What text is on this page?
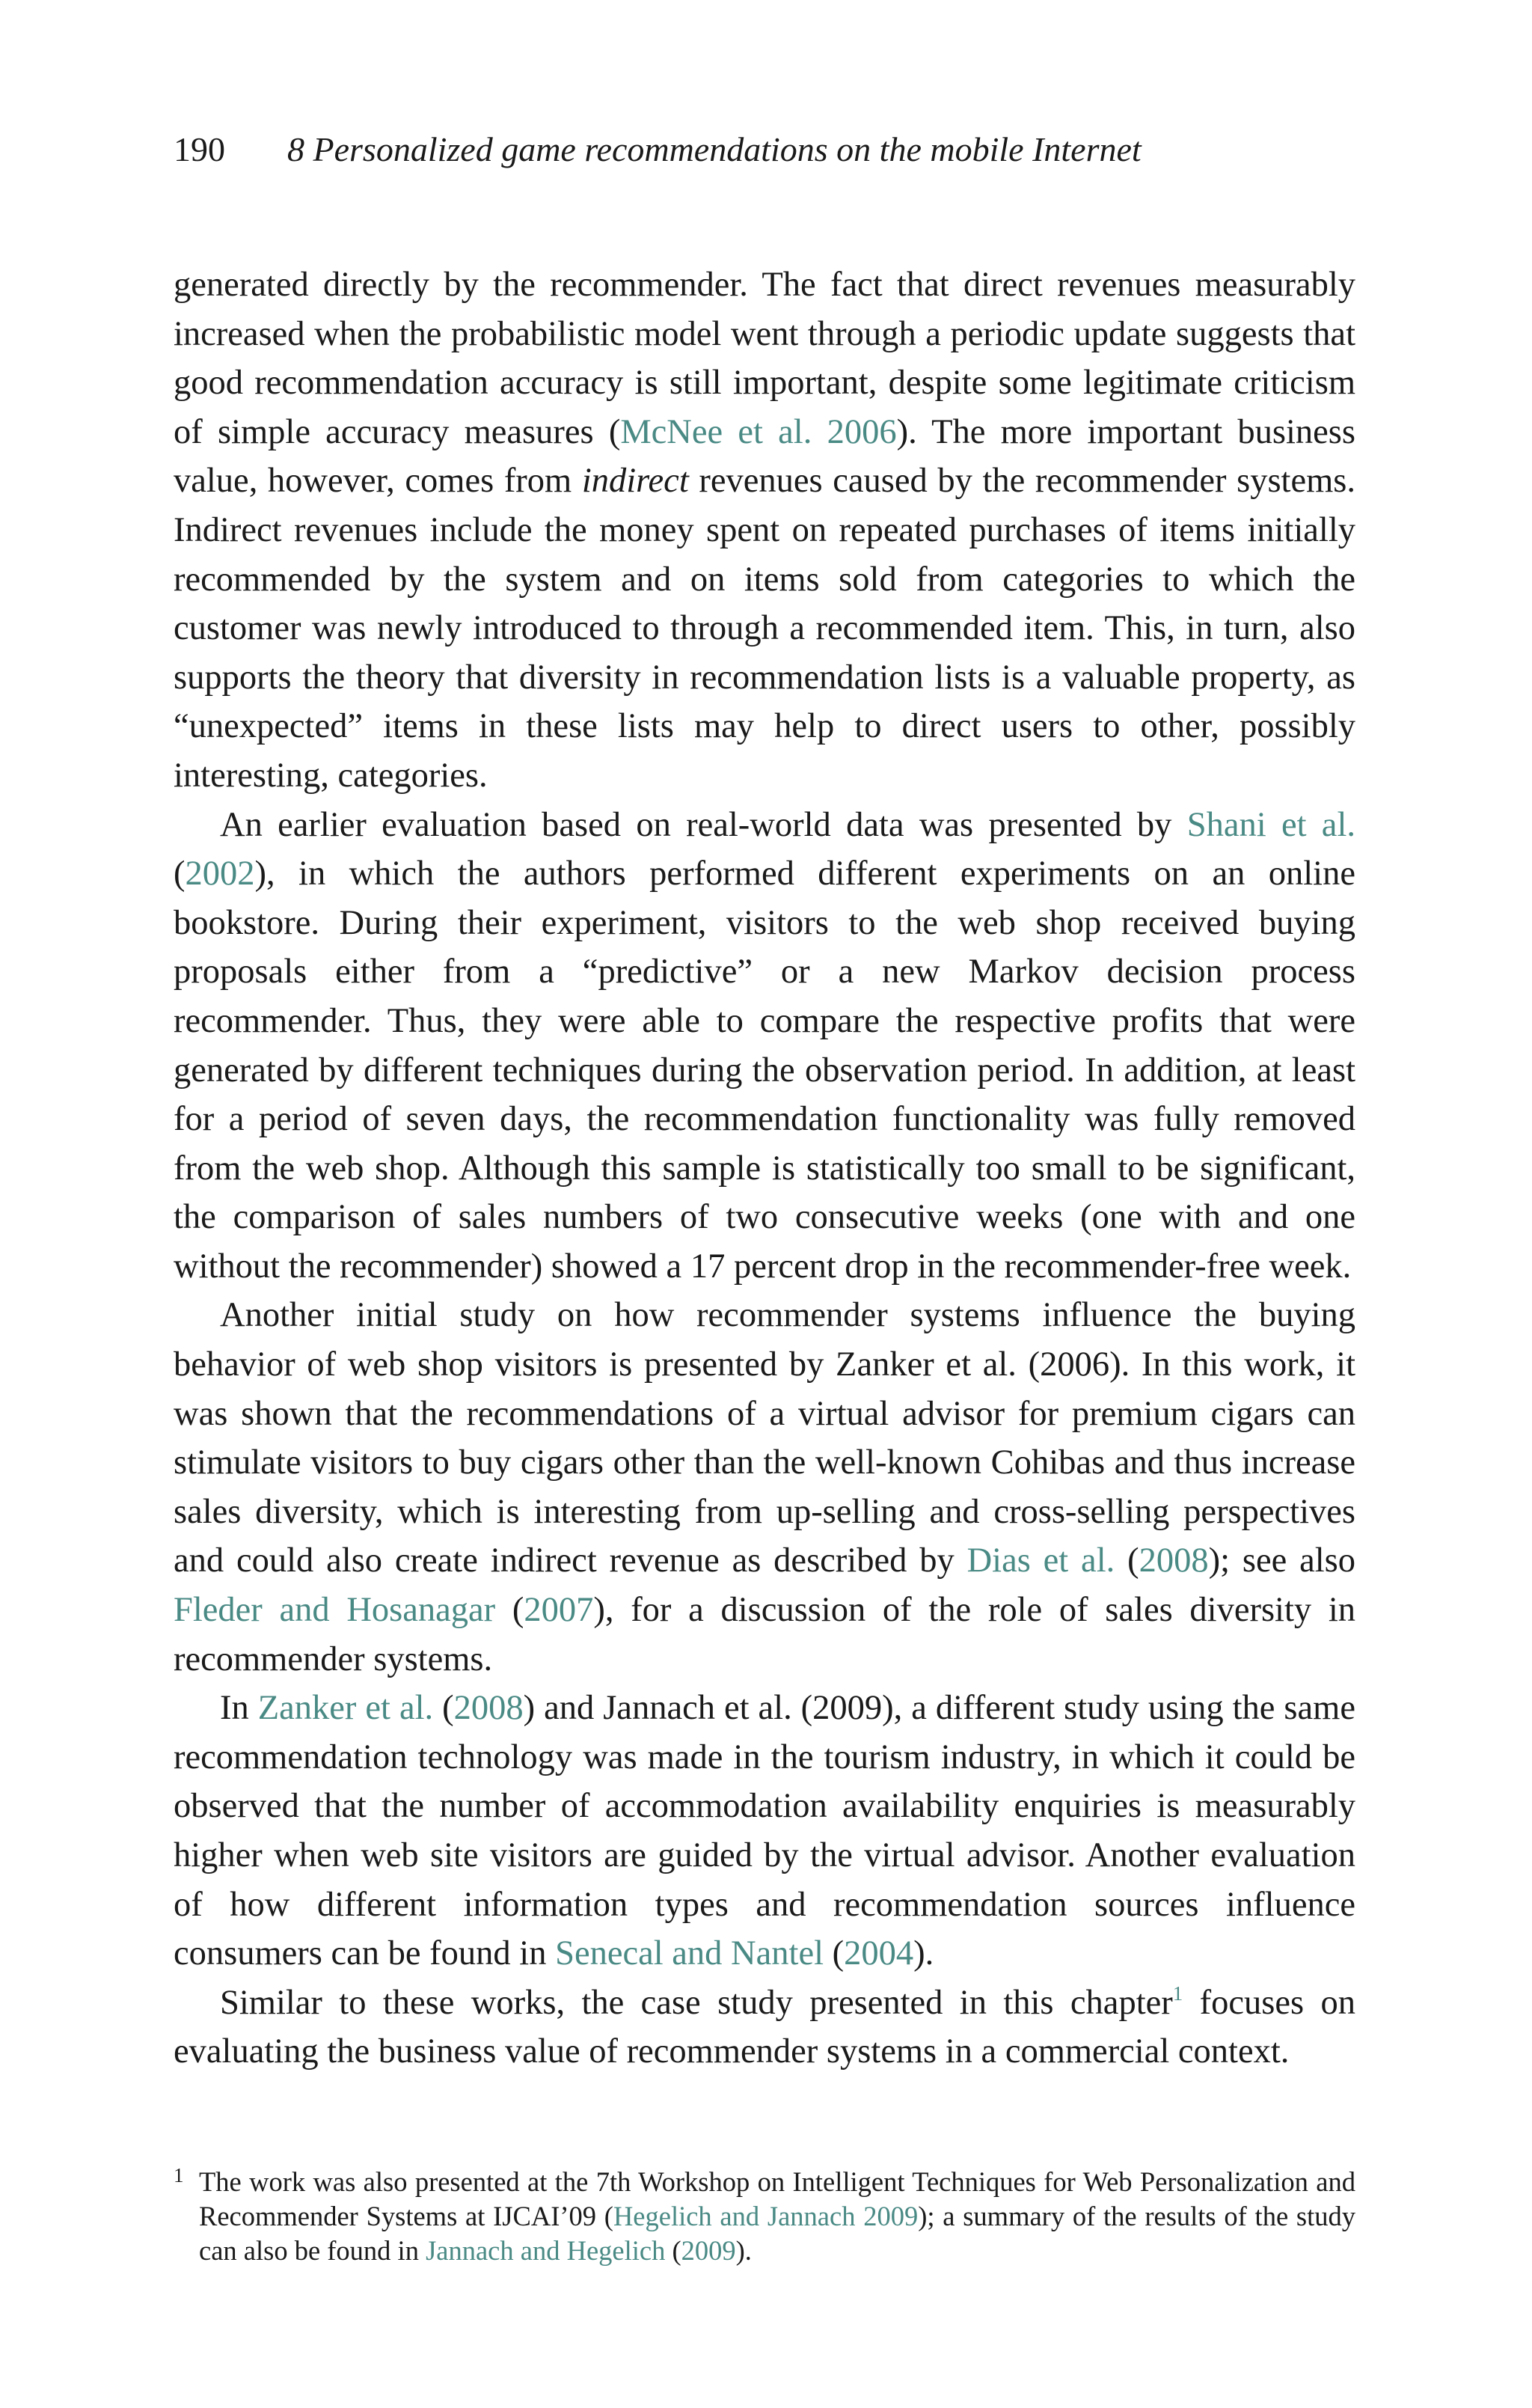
190 8 Personalized game recommendations on the mobile Internet

generated directly by the recommender. The fact that direct revenues measurably increased when the probabilistic model went through a periodic update suggests that good recommendation accuracy is still important, despite some legitimate criticism of simple accuracy measures (McNee et al. 2006). The more important business value, however, comes from indirect revenues caused by the recommender systems. Indirect revenues include the money spent on repeated purchases of items initially recommended by the system and on items sold from categories to which the customer was newly introduced to through a recommended item. This, in turn, also supports the theory that diversity in recommendation lists is a valuable property, as “unexpected” items in these lists may help to direct users to other, possibly interesting, categories.

An earlier evaluation based on real-world data was presented by Shani et al. (2002), in which the authors performed different experiments on an online bookstore. During their experiment, visitors to the web shop received buying proposals either from a “predictive” or a new Markov decision process recommender. Thus, they were able to compare the respective profits that were generated by different techniques during the observation period. In addition, at least for a period of seven days, the recommendation functionality was fully removed from the web shop. Although this sample is statistically too small to be significant, the comparison of sales numbers of two consecutive weeks (one with and one without the recommender) showed a 17 percent drop in the recommender-free week.

Another initial study on how recommender systems influence the buying behavior of web shop visitors is presented by Zanker et al. (2006). In this work, it was shown that the recommendations of a virtual advisor for premium cigars can stimulate visitors to buy cigars other than the well-known Cohibas and thus increase sales diversity, which is interesting from up-selling and cross-selling perspectives and could also create indirect revenue as described by Dias et al. (2008); see also Fleder and Hosanagar (2007), for a discussion of the role of sales diversity in recommender systems.

In Zanker et al. (2008) and Jannach et al. (2009), a different study using the same recommendation technology was made in the tourism industry, in which it could be observed that the number of accommodation availability enquiries is measurably higher when web site visitors are guided by the virtual advisor. Another evaluation of how different information types and recommendation sources influence consumers can be found in Senecal and Nantel (2004).

Similar to these works, the case study presented in this chapter$^1$ focuses on evaluating the business value of recommender systems in a commercial context.

1 The work was also presented at the 7th Workshop on Intelligent Techniques for Web Personalization and Recommender Systems at IJCAI’09 (Hegelich and Jannach 2009); a summary of the results of the study can also be found in Jannach and Hegelich (2009).
